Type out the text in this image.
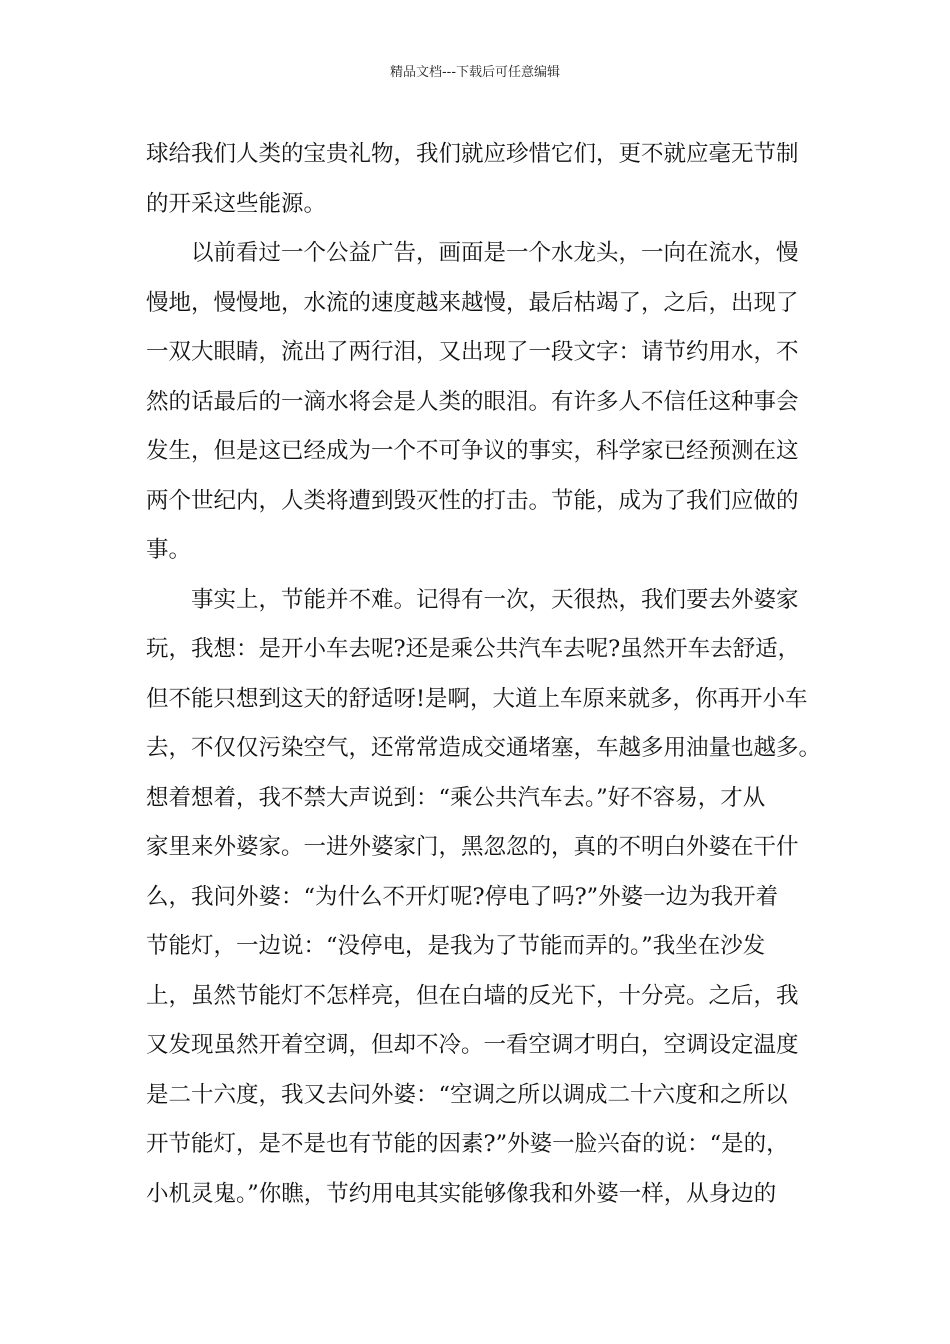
精品文档---下载后可任意编辑
球给我们人类的宝贵礼物，我们就应珍惜它们，更不就应毫无节制
的开采这些能源。
以前看过一个公益广告，画面是一个水龙头，一向在流水，慢
慢地，慢慢地，水流的速度越来越慢，最后枯竭了，之后，出现了
一双大眼睛，流出了两行泪，又出现了一段文字：请节约用水，不
然的话最后的一滴水将会是人类的眼泪。有许多人不信任这种事会
发生，但是这已经成为一个不可争议的事实，科学家已经预测在这
两个世纪内，人类将遭到毁灭性的打击。节能，成为了我们应做的
事。
事实上，节能并不难。记得有一次，天很热，我们要去外婆家
玩，我想：是开小车去呢?还是乘公共汽车去呢?虽然开车去舒适，
但不能只想到这天的舒适呀!是啊，大道上车原来就多，你再开小车
去，不仅仅污染空气，还常常造成交通堵塞，车越多用油量也越多。
想着想着，我不禁大声说到：“乘公共汽车去。”好不容易，才从
家里来外婆家。一进外婆家门，黑忽忽的，真的不明白外婆在干什
么，我问外婆：“为什么不开灯呢?停电了吗?”外婆一边为我开着
节能灯，一边说：“没停电，是我为了节能而弄的。”我坐在沙发
上，虽然节能灯不怎样亮，但在白墙的反光下，十分亮。之后，我
又发现虽然开着空调，但却不冷。一看空调才明白，空调设定温度
是二十六度，我又去问外婆：“空调之所以调成二十六度和之所以
开节能灯，是不是也有节能的因素?”外婆一脸兴奋的说：“是的，
小机灵鬼。”你瞧，节约用电其实能够像我和外婆一样，从身边的
